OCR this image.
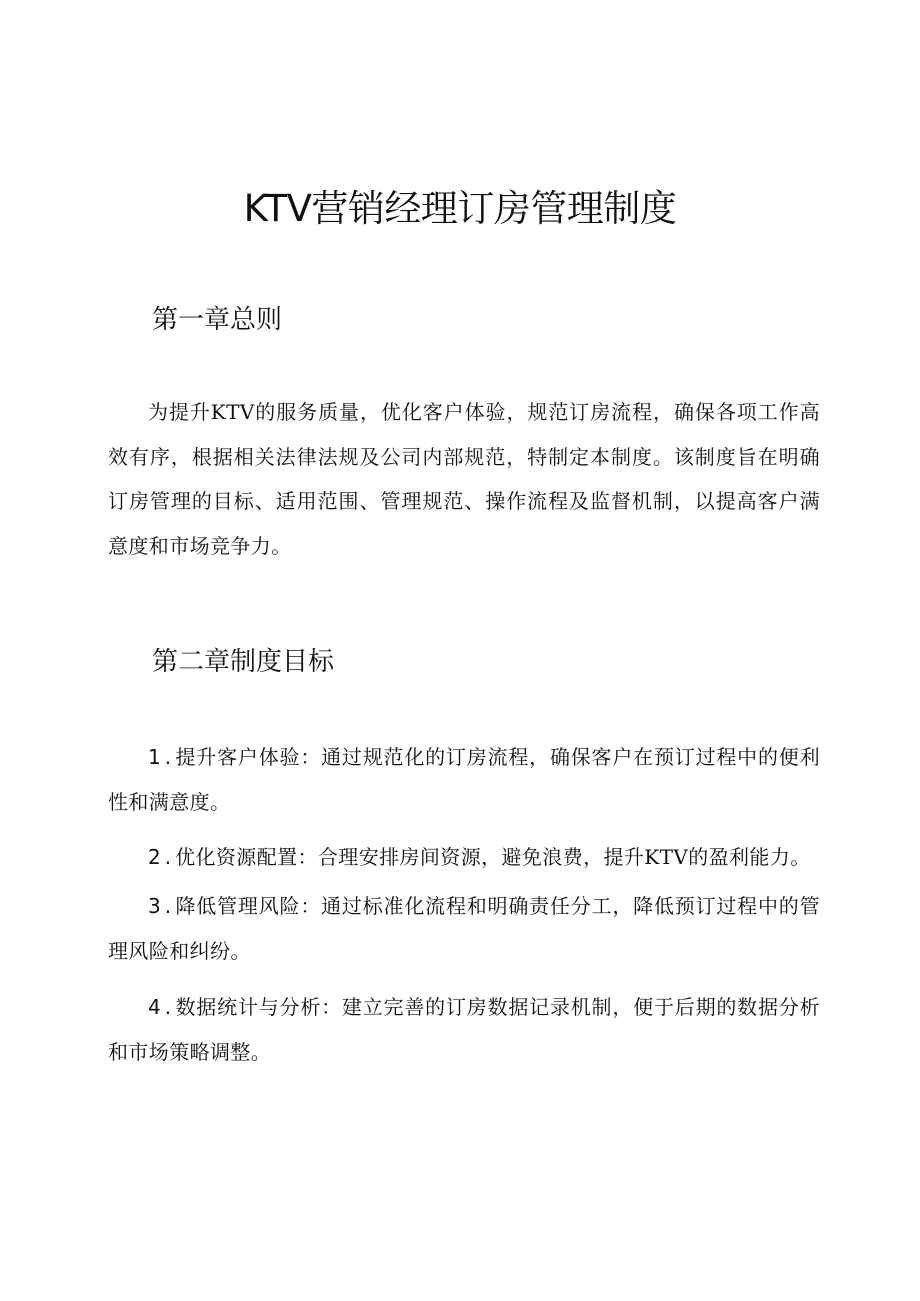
KTV营销经理订房管理制度
第一章总则

为提升KTV的服务质量，优化客户体验，规范订房流程，确保各项工作高效有序，根据相关法律法规及公司内部规范，特制定本制度。该制度旨在明确订房管理的目标、适用范围、管理规范、操作流程及监督机制，以提高客户满意度和市场竞争力。

第二章制度目标

1.提升客户体验：通过规范化的订房流程，确保客户在预订过程中的便利性和满意度。

2.优化资源配置：合理安排房间资源，避免浪费，提升KTV的盈利能力。

3.降低管理风险：通过标准化流程和明确责任分工，降低预订过程中的管理风险和纠纷。

4.数据统计与分析：建立完善的订房数据记录机制，便于后期的数据分析和市场策略调整。
